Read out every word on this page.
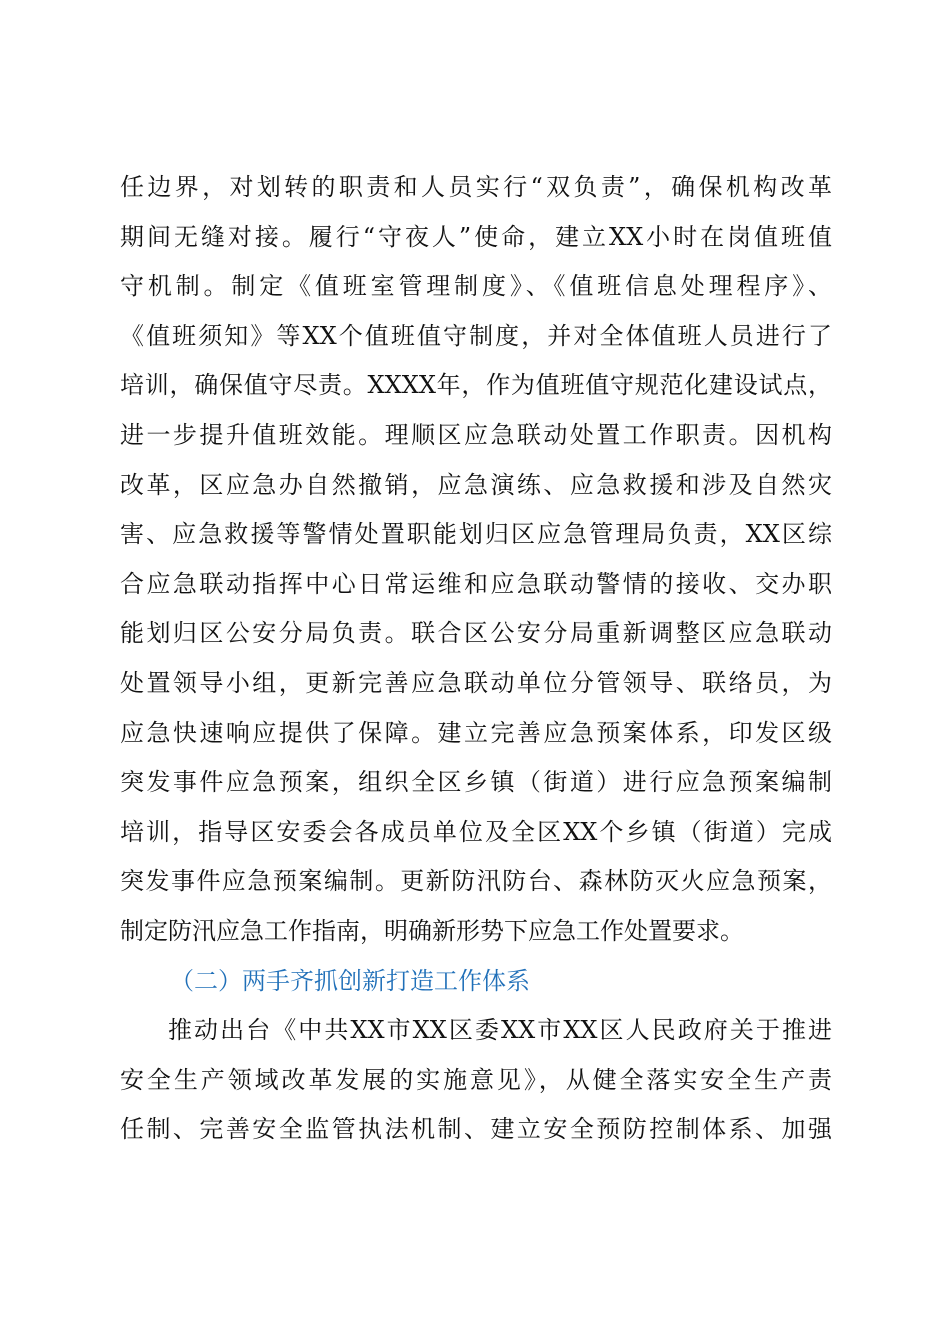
任边界，对划转的职责和人员实行“双负责”，确保机构改革
期间无缝对接。履行“守夜人”使命，建立XX小时在岗值班值
守机制。制定《值班室管理制度》、《值班信息处理程序》、
《值班须知》等XX个值班值守制度，并对全体值班人员进行了
培训，确保值守尽责。XXXX年，作为值班值守规范化建设试点，
进一步提升值班效能。理顺区应急联动处置工作职责。因机构
改革，区应急办自然撤销，应急演练、应急救援和涉及自然灾
害、应急救援等警情处置职能划归区应急管理局负责，XX区综
合应急联动指挥中心日常运维和应急联动警情的接收、交办职
能划归区公安分局负责。联合区公安分局重新调整区应急联动
处置领导小组，更新完善应急联动单位分管领导、联络员，为
应急快速响应提供了保障。建立完善应急预案体系，印发区级
突发事件应急预案，组织全区乡镇（街道）进行应急预案编制
培训，指导区安委会各成员单位及全区XX个乡镇（街道）完成
突发事件应急预案编制。更新防汛防台、森林防灭火应急预案，
制定防汛应急工作指南，明确新形势下应急工作处置要求。
（二）两手齐抓创新打造工作体系
推动出台《中共XX市XX区委XX市XX区人民政府关于推进
安全生产领域改革发展的实施意见》，从健全落实安全生产责
任制、完善安全监管执法机制、建立安全预防控制体系、加强
